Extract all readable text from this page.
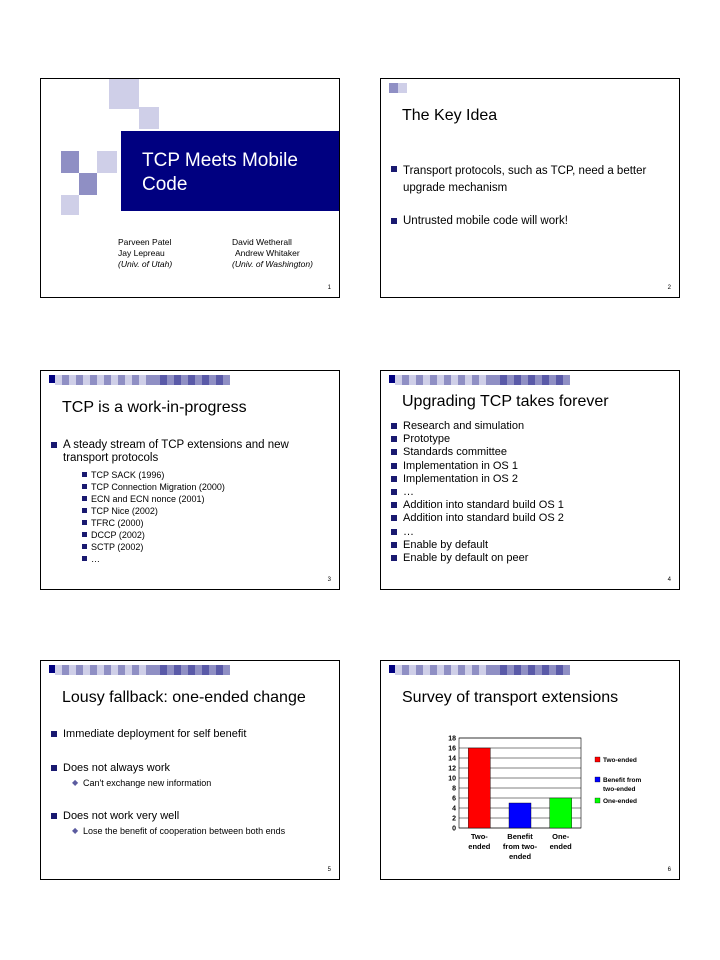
TCP Meets Mobile Code
Parveen Patel
Jay Lepreau
(Univ. of Utah)
David Wetherall
Andrew Whitaker
(Univ. of Washington)
1
The Key Idea
Transport protocols, such as TCP, need a better upgrade mechanism
Untrusted mobile code will work!
2
TCP is a work-in-progress
A steady stream of TCP extensions and new transport protocols
TCP SACK (1996)
TCP Connection Migration (2000)
ECN and ECN nonce (2001)
TCP Nice (2002)
TFRC (2000)
DCCP (2002)
SCTP (2002)
…
3
Upgrading TCP takes forever
Research and simulation
Prototype
Standards committee
Implementation in OS 1
Implementation in OS 2
…
Addition into standard build OS 1
Addition into standard build OS 2
…
Enable by default
Enable by default on peer
4
Lousy fallback: one-ended change
Immediate deployment for self benefit
Does not always work
◆ Can't exchange new information
Does not work very well
◆ Lose the benefit of cooperation between both ends
5
Survey of transport extensions
0
2
4
6
8
10
12
14
16
18
Two-
ended
Benefit
from two-
ended
One-
ended
Two-ended
Benefit from
two-ended
One-ended
6
